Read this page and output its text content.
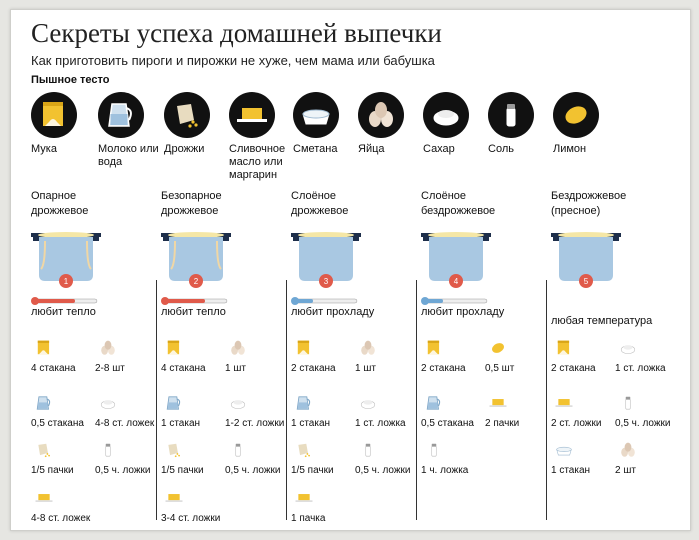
Секреты успеха домашней выпечки
Как приготовить пироги и пирожки не хуже, чем мама или бабушка
Пышное тесто
Мука	Молоко или вода
Дрожжи	Сливочное масло или маргарин
Сметана	Яйца	Сахар	Соль	Лимон
Опарное дрожжевое
1
любит тепло
4 стакана	2-8 шт
0,5 стакана	4-8 ст. ложек
1/5 пачки	0,5 ч. ложки
4-8 ст. ложек
Безопарное дрожжевое
2
любит тепло
4 стакана	1 шт
1 стакан	1-2 ст. ложки
1/5 пачки	0,5 ч. ложки
3-4 ст. ложки
Слоёное дрожжевое
3
любит прохладу
2 стакана	1 шт
1 стакан	1 ст. ложка
1/5 пачки	0,5 ч. ложки
1 пачка
Слоёное бездрожжевое
4
любит прохладу
2 стакана	0,5 шт
0,5 стакана	2 пачки
1 ч. ложка
Бездрожжевое (пресное)
5
любая температура
2 стакана	1 ст. ложка
2 ст. ложки	0,5 ч. ложки
1 стакан	2 шт
